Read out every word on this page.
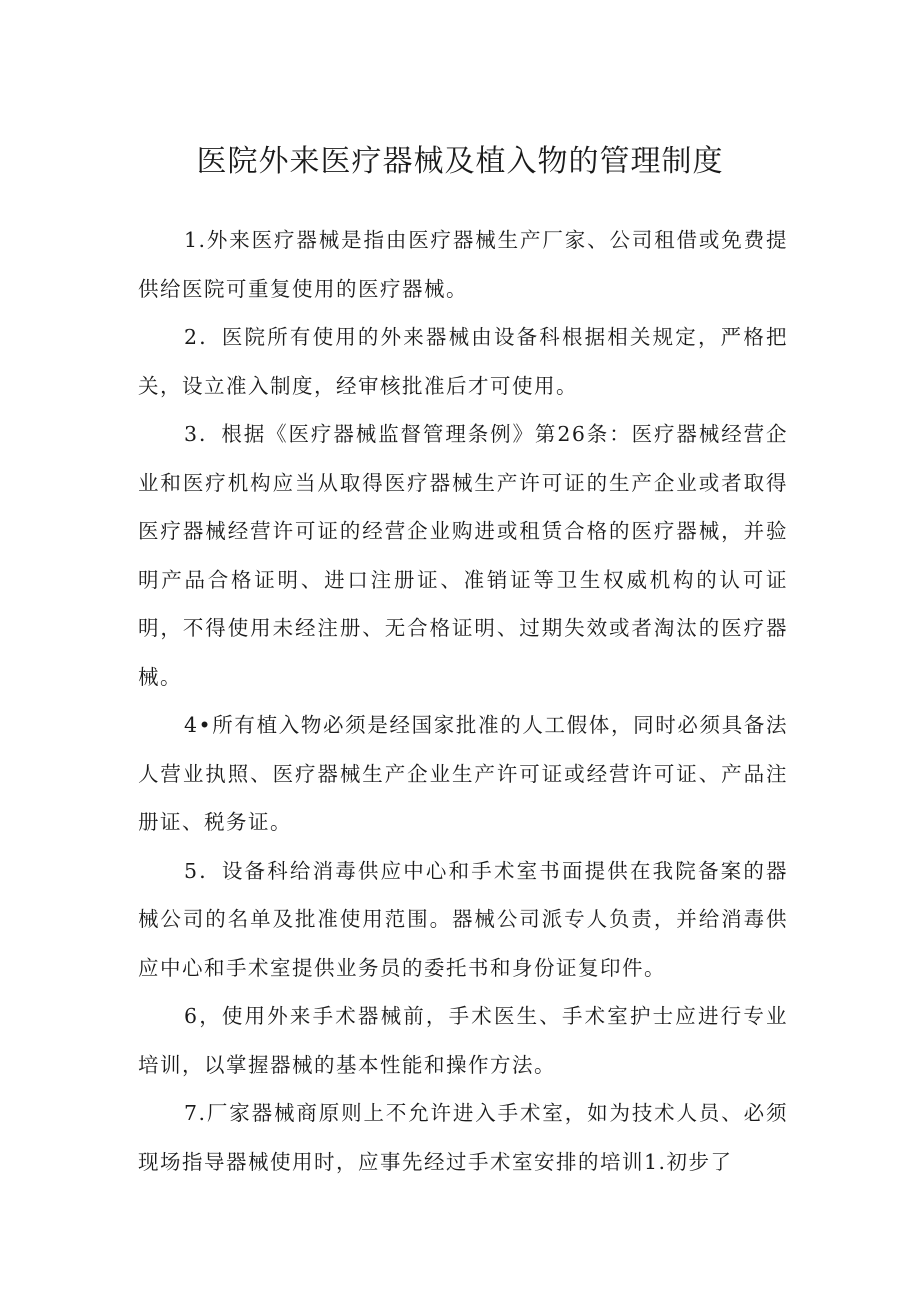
医院外来医疗器械及植入物的管理制度

1.外来医疗器械是指由医疗器械生产厂家、公司租借或免费提供给医院可重复使用的医疗器械。

2．医院所有使用的外来器械由设备科根据相关规定，严格把关，设立准入制度，经审核批准后才可使用。

3．根据《医疗器械监督管理条例》第26条：医疗器械经营企业和医疗机构应当从取得医疗器械生产许可证的生产企业或者取得医疗器械经营许可证的经营企业购进或租赁合格的医疗器械，并验明产品合格证明、进口注册证、准销证等卫生权威机构的认可证明，不得使用未经注册、无合格证明、过期失效或者淘汰的医疗器械。

4•所有植入物必须是经国家批准的人工假体，同时必须具备法人营业执照、医疗器械生产企业生产许可证或经营许可证、产品注册证、税务证。

5．设备科给消毒供应中心和手术室书面提供在我院备案的器械公司的名单及批准使用范围。器械公司派专人负责，并给消毒供应中心和手术室提供业务员的委托书和身份证复印件。

6，使用外来手术器械前，手术医生、手术室护士应进行专业培训，以掌握器械的基本性能和操作方法。

7.厂家器械商原则上不允许进入手术室，如为技术人员、必须现场指导器械使用时，应事先经过手术室安排的培训1.初步了
